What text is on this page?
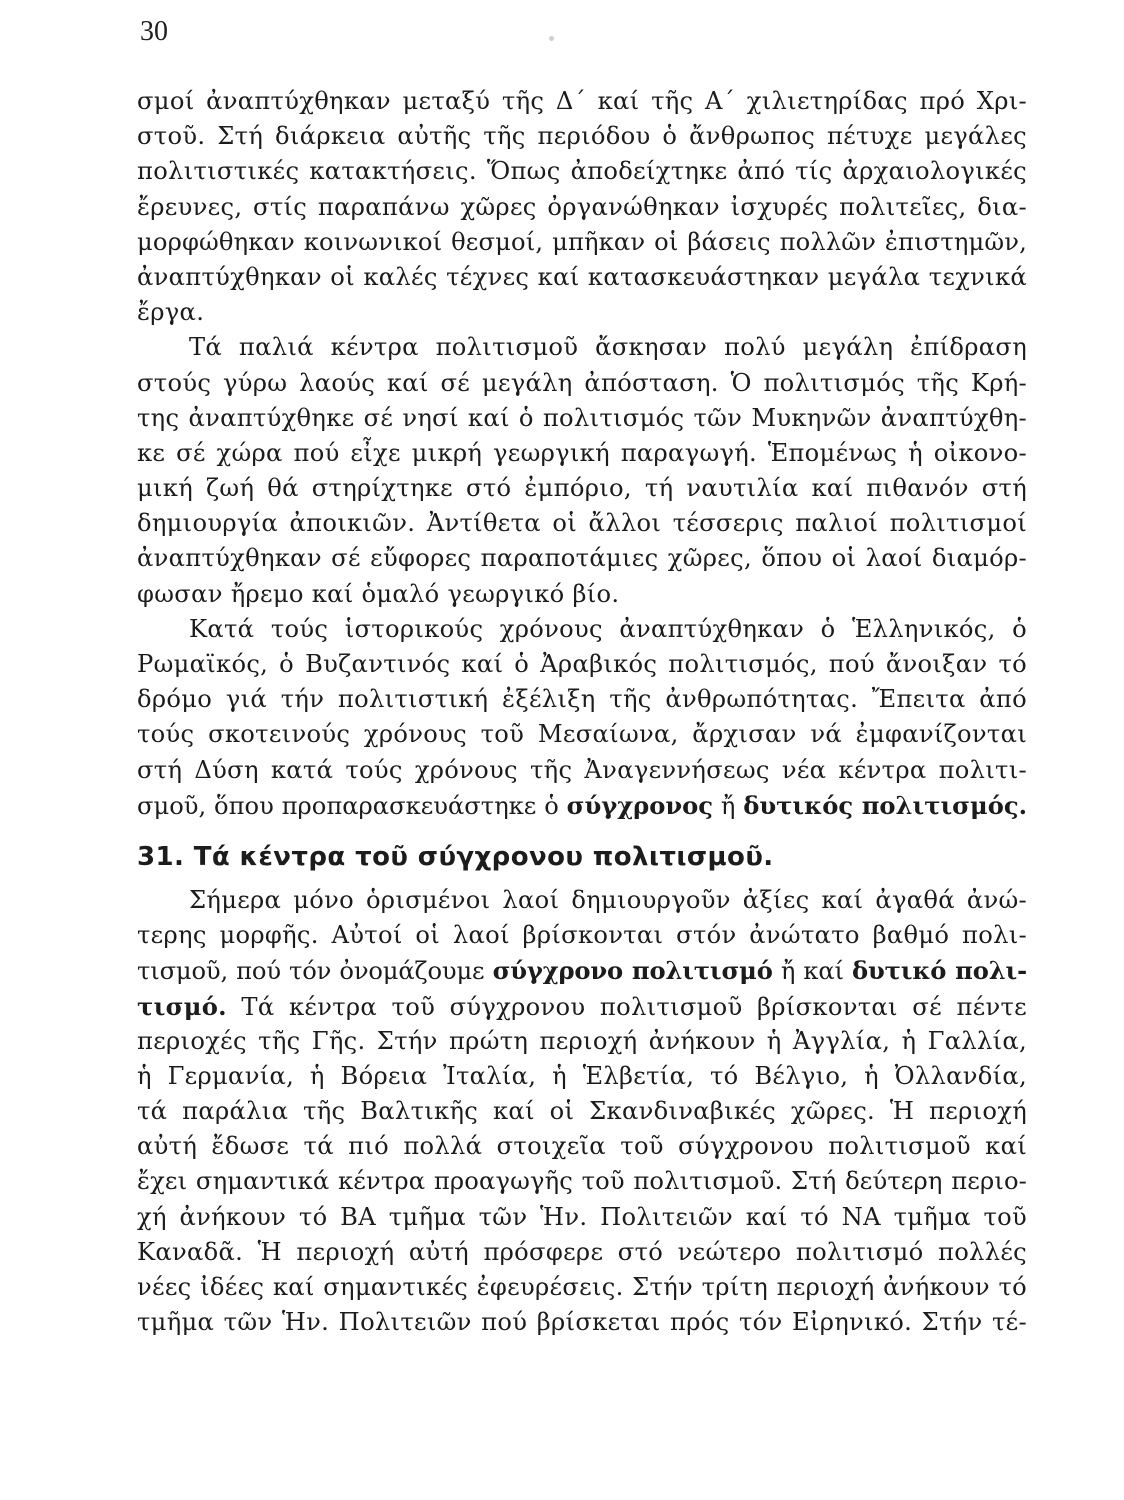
30
σμοί ἀναπτύχθηκαν μεταξύ τῆς Δ΄ καί τῆς Α΄ χιλιετηρίδας πρό Χρι-
στοῦ. Στή διάρκεια αὐτῆς τῆς περιόδου ὁ ἄνθρωπος πέτυχε μεγάλες
πολιτιστικές κατακτήσεις. Ὅπως ἀποδείχτηκε ἀπό τίς ἀρχαιολογικές
ἔρευνες, στίς παραπάνω χῶρες ὀργανώθηκαν ἰσχυρές πολιτεῖες, δια-
μορφώθηκαν κοινωνικοί θεσμοί, μπῆκαν οἱ βάσεις πολλῶν ἐπιστημῶν,
ἀναπτύχθηκαν οἱ καλές τέχνες καί κατασκευάστηκαν μεγάλα τεχνικά
ἔργα.
Τά παλιά κέντρα πολιτισμοῦ ἄσκησαν πολύ μεγάλη ἐπίδραση
στούς γύρω λαούς καί σέ μεγάλη ἀπόσταση. Ὁ πολιτισμός τῆς Κρή-
της ἀναπτύχθηκε σέ νησί καί ὁ πολιτισμός τῶν Μυκηνῶν ἀναπτύχθη-
κε σέ χώρα πού εἶχε μικρή γεωργική παραγωγή. Ἑπομένως ἡ οἰκονο-
μική ζωή θά στηρίχτηκε στό ἐμπόριο, τή ναυτιλία καί πιθανόν στή
δημιουργία ἀποικιῶν. Ἀντίθετα οἱ ἄλλοι τέσσερις παλιοί πολιτισμοί
ἀναπτύχθηκαν σέ εὔφορες παραποτάμιες χῶρες, ὅπου οἱ λαοί διαμόρ-
φωσαν ἤρεμο καί ὁμαλό γεωργικό βίο.
Κατά τούς ἱστορικούς χρόνους ἀναπτύχθηκαν ὁ Ἑλληνικός, ὁ
Ρωμαϊκός, ὁ Βυζαντινός καί ὁ Ἀραβικός πολιτισμός, πού ἄνοιξαν τό
δρόμο γιά τήν πολιτιστική ἐξέλιξη τῆς ἀνθρωπότητας. Ἔπειτα ἀπό
τούς σκοτεινούς χρόνους τοῦ Μεσαίωνα, ἄρχισαν νά ἐμφανίζονται
στή Δύση κατά τούς χρόνους τῆς Ἀναγεννήσεως νέα κέντρα πολιτι-
σμοῦ, ὅπου προπαρασκευάστηκε ὁ σύγχρονος ἤ δυτικός πολιτισμός.
31. Τά κέντρα τοῦ σύγχρονου πολιτισμοῦ.
Σήμερα μόνο ὁρισμένοι λαοί δημιουργοῦν ἀξίες καί ἀγαθά ἀνώ-
τερης μορφῆς. Αὐτοί οἱ λαοί βρίσκονται στόν ἀνώτατο βαθμό πολι-
τισμοῦ, πού τόν ὀνομάζουμε σύγχρονο πολιτισμό ἤ καί δυτικό πολι-
τισμό. Τά κέντρα τοῦ σύγχρονου πολιτισμοῦ βρίσκονται σέ πέντε
περιοχές τῆς Γῆς. Στήν πρώτη περιοχή ἀνήκουν ἡ Ἀγγλία, ἡ Γαλλία,
ἡ Γερμανία, ἡ Βόρεια Ἰταλία, ἡ Ἑλβετία, τό Βέλγιο, ἡ Ὀλλανδία,
τά παράλια τῆς Βαλτικῆς καί οἱ Σκανδιναβικές χῶρες. Ἡ περιοχή
αὐτή ἔδωσε τά πιό πολλά στοιχεῖα τοῦ σύγχρονου πολιτισμοῦ καί
ἔχει σημαντικά κέντρα προαγωγῆς τοῦ πολιτισμοῦ. Στή δεύτερη περιο-
χή ἀνήκουν τό ΒΑ τμῆμα τῶν Ἡν. Πολιτειῶν καί τό ΝΑ τμῆμα τοῦ
Καναδᾶ. Ἡ περιοχή αὐτή πρόσφερε στό νεώτερο πολιτισμό πολλές
νέες ἰδέες καί σημαντικές ἐφευρέσεις. Στήν τρίτη περιοχή ἀνήκουν τό
τμῆμα τῶν Ἡν. Πολιτειῶν πού βρίσκεται πρός τόν Εἰρηνικό. Στήν τέ-
